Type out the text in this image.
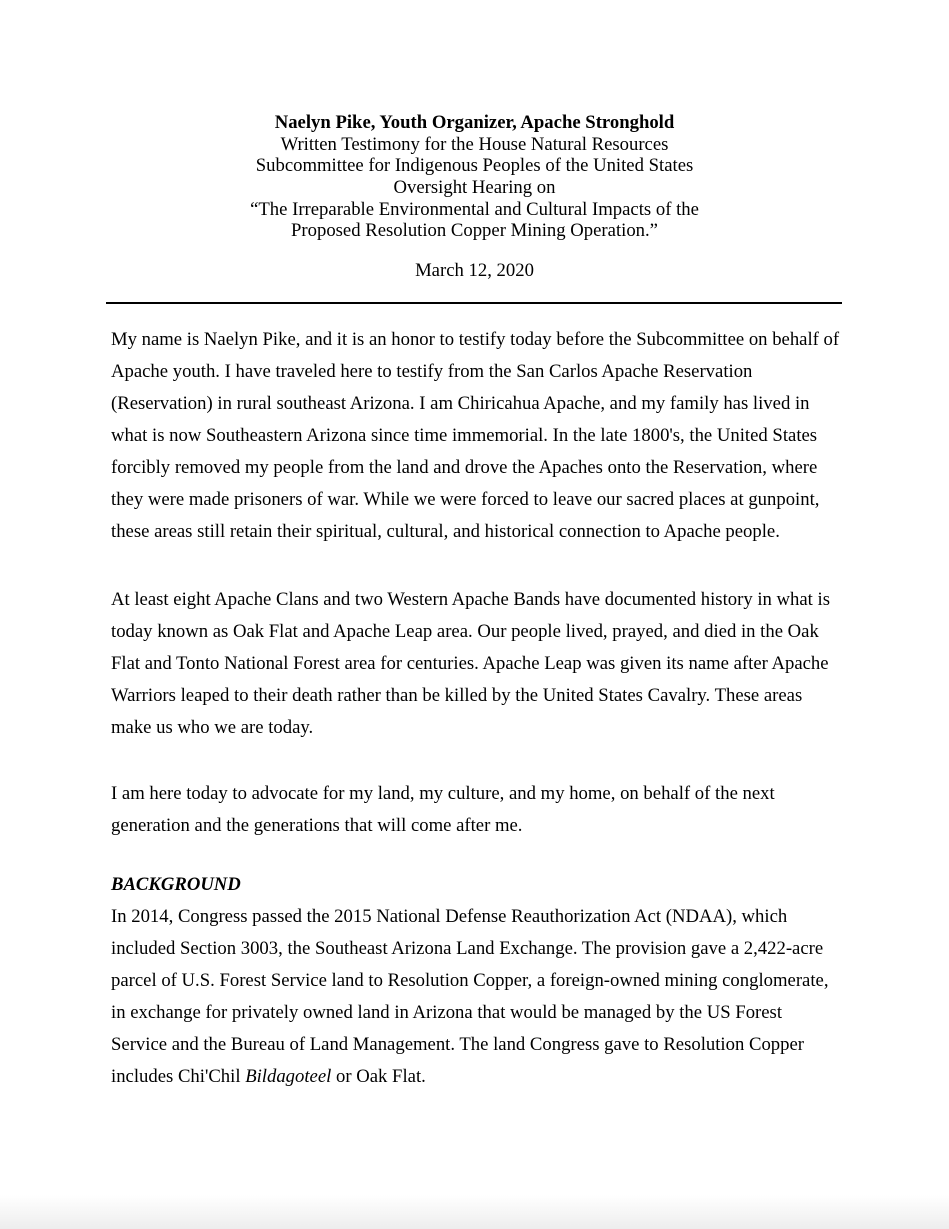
Naelyn Pike, Youth Organizer, Apache Stronghold
Written Testimony for the House Natural Resources
Subcommittee for Indigenous Peoples of the United States
Oversight Hearing on
“The Irreparable Environmental and Cultural Impacts of the
Proposed Resolution Copper Mining Operation.”
March 12, 2020
My name is Naelyn Pike, and it is an honor to testify today before the Subcommittee on behalf of
Apache youth. I have traveled here to testify from the San Carlos Apache Reservation
(Reservation) in rural southeast Arizona. I am Chiricahua Apache, and my family has lived in
what is now Southeastern Arizona since time immemorial. In the late 1800's, the United States
forcibly removed my people from the land and drove the Apaches onto the Reservation, where
they were made prisoners of war. While we were forced to leave our sacred places at gunpoint,
these areas still retain their spiritual, cultural, and historical connection to Apache people.
At least eight Apache Clans and two Western Apache Bands have documented history in what is
today known as Oak Flat and Apache Leap area. Our people lived, prayed, and died in the Oak
Flat and Tonto National Forest area for centuries. Apache Leap was given its name after Apache
Warriors leaped to their death rather than be killed by the United States Cavalry. These areas
make us who we are today.
I am here today to advocate for my land, my culture, and my home, on behalf of the next
generation and the generations that will come after me.
BACKGROUND
In 2014, Congress passed the 2015 National Defense Reauthorization Act (NDAA), which
included Section 3003, the Southeast Arizona Land Exchange. The provision gave a 2,422-acre
parcel of U.S. Forest Service land to Resolution Copper, a foreign-owned mining conglomerate,
in exchange for privately owned land in Arizona that would be managed by the US Forest
Service and the Bureau of Land Management. The land Congress gave to Resolution Copper
includes Chi'Chil Bildagoteel or Oak Flat.
